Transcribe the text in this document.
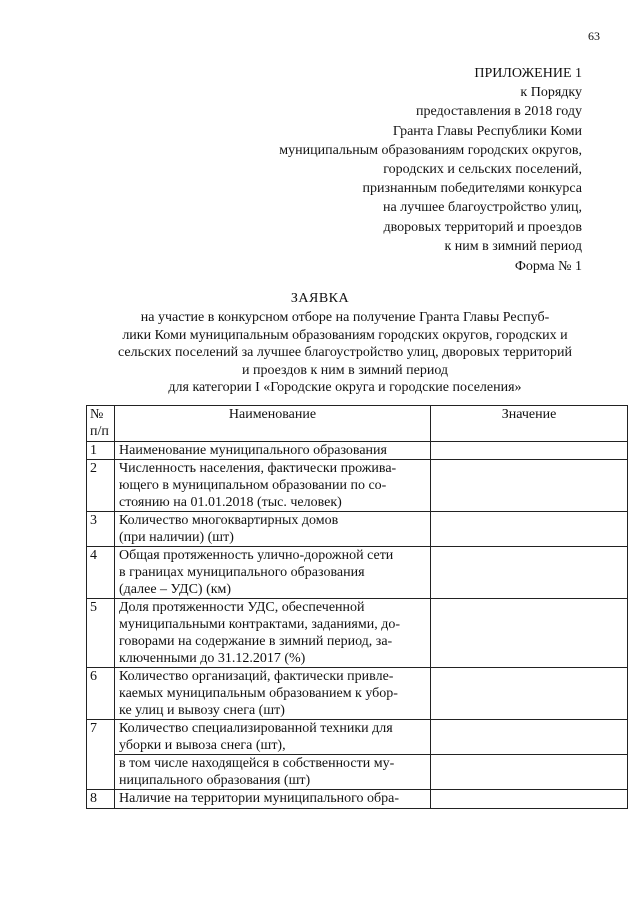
63
ПРИЛОЖЕНИЕ 1
к Порядку
предоставления в 2018 году
Гранта Главы Республики Коми
муниципальным образованиям городских округов,
городских и сельских поселений,
признанным победителями конкурса
на лучшее благоустройство улиц,
дворовых территорий и проездов
к ним в зимний период
Форма № 1
ЗАЯВКА
на участие в конкурсном отборе на получение Гранта Главы Респуб-
лики Коми муниципальным образованиям городских округов, городских и
сельских поселений за лучшее благоустройство улиц, дворовых территорий
и проездов к ним в зимний период
для категории I «Городские округа и городские поселения»
№
п/п	Наименование	Значение
1	Наименование муниципального образования	

2	Численность населения, фактически прожива-
ющего в муниципальном образовании по со-
стоянию на 01.01.2018 (тыс. человек)	

3	Количество многоквартирных домов
(при наличии) (шт)	

4	Общая протяженность улично-дорожной сети
в границах муниципального образования
(далее – УДС) (км)	

5	Доля протяженности УДС, обеспеченной
муниципальными контрактами, заданиями, до-
говорами на содержание в зимний период, за-
ключенными до 31.12.2017 (%)	

6	Количество организаций, фактически привле-
каемых муниципальным образованием к убор-
ке улиц и вывозу снега (шт)	

7	Количество специализированной техники для
уборки и вывоза снега (шт),	

	в том числе находящейся в собственности му-
ниципального образования (шт)	

8	Наличие на территории муниципального обра-	
